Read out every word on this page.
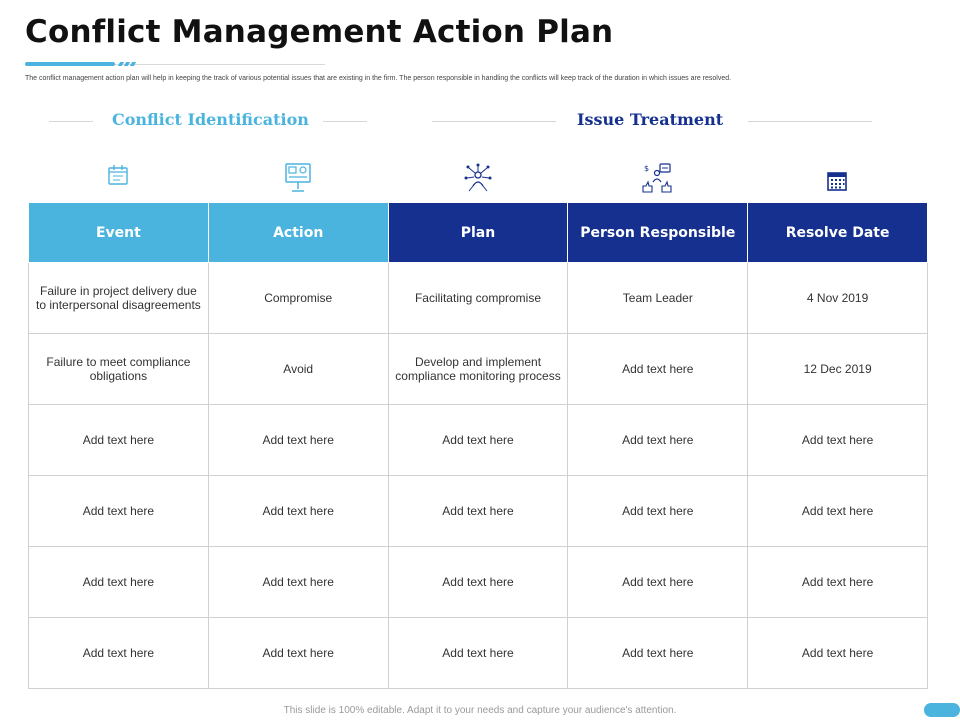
Conflict Management Action Plan
The conflict management action plan will help in keeping the track of various potential issues that are existing in the firm. The person responsible in handling the conflicts will keep track of the duration in which issues are resolved.
Conflict Identification	Issue Treatment
$
Event	Action	Plan	Person Responsible	Resolve Date
Failure in project delivery due to interpersonal disagreements	Compromise	Facilitating compromise	Team Leader	4 Nov 2019
Failure to meet compliance obligations	Avoid	Develop and implement compliance monitoring process	Add text here	12 Dec 2019
Add text here	Add text here	Add text here	Add text here	Add text here
Add text here	Add text here	Add text here	Add text here	Add text here
Add text here	Add text here	Add text here	Add text here	Add text here
Add text here	Add text here	Add text here	Add text here	Add text here
This slide is 100% editable. Adapt it to your needs and capture your audience's attention.
